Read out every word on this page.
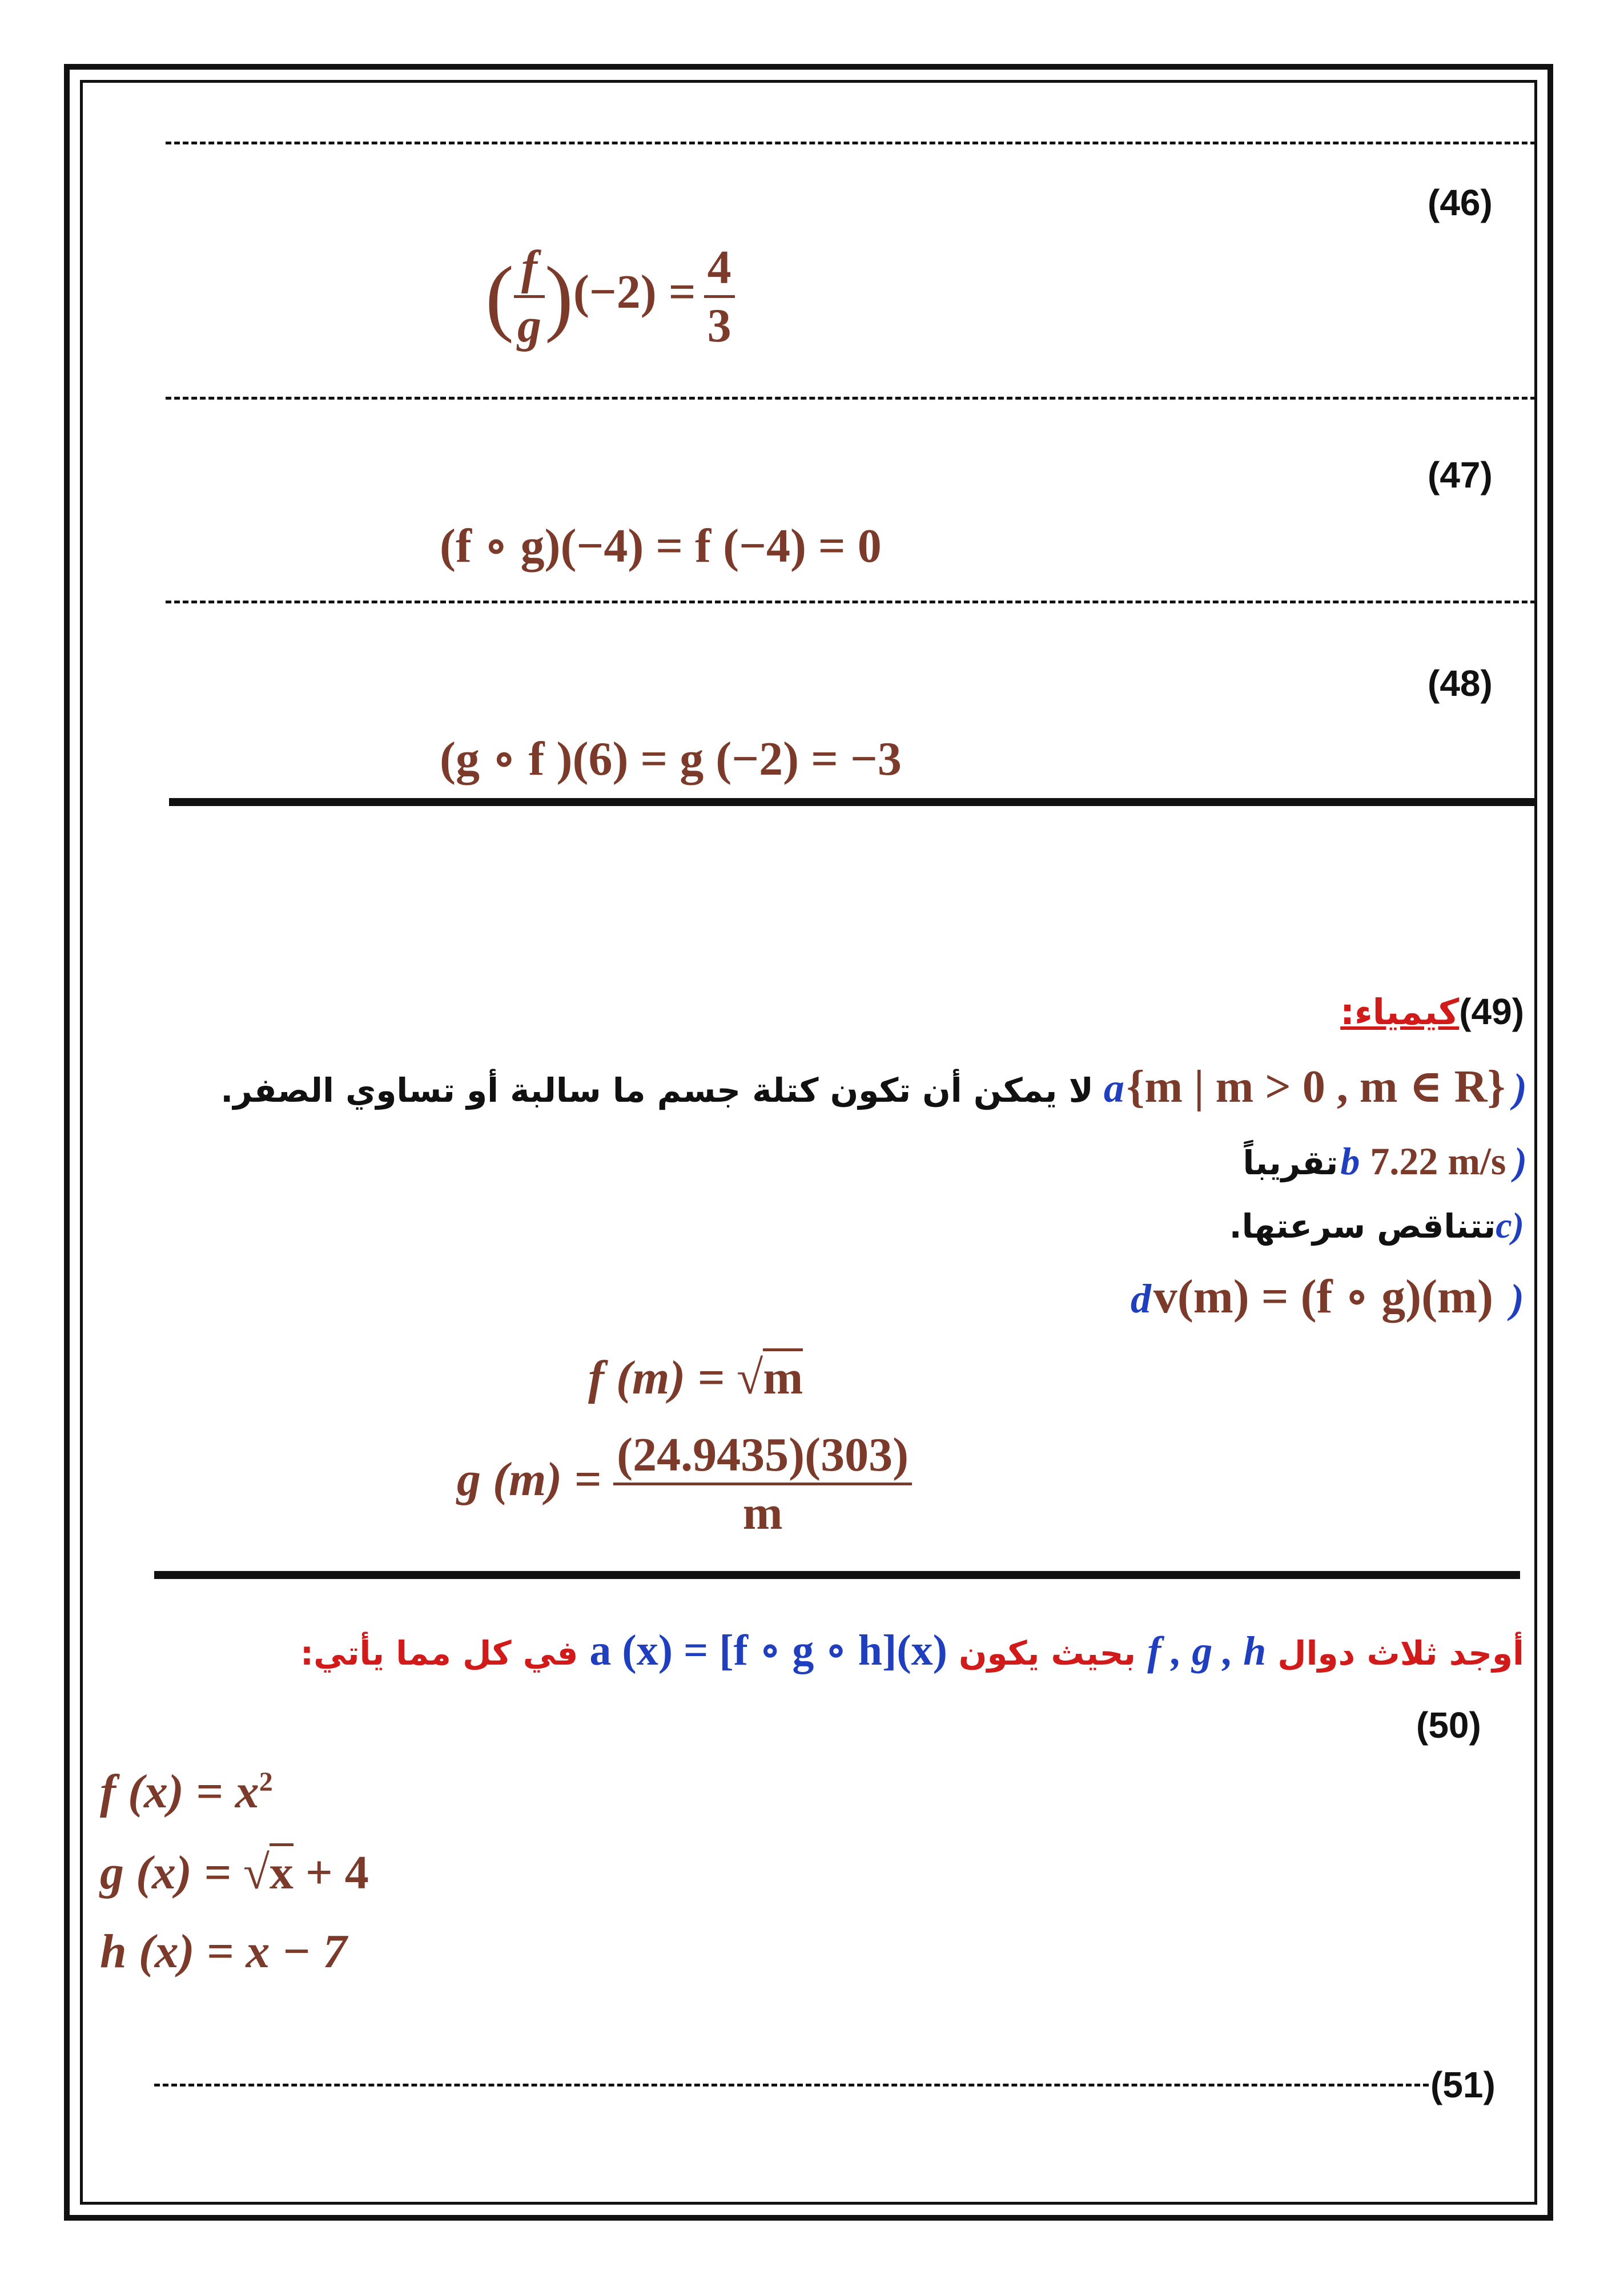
(46)
( $\frac{f}{g} )(-2) = \frac{4}{3}$
(47)
(f ∘ g)(−4) = f (−4) = 0
(48)
(g ∘ f )(6) = g (−2) = −3
(49)كيمياء:
(a {m | m > 0 , m ∈ R} لا يمكن أن تكون كتلة جسم ما سالبة أو تساوي الصفر.
(b 7.22 m/s تقريباً
c)تتناقص سرعتها.
(d v(m) = (f ∘ g)(m)
f (m) = √m
g $(m) = \frac{(24.9435)(303)}{m}$
أوجد ثلاث دوال f , g , h بحيث يكون a (x) = [f ∘ g ∘ h](x) في كل مما يأتي:
(50)
f $(x) = x^2$
g (x) = √x + 4
h (x) = x − 7
(51)
